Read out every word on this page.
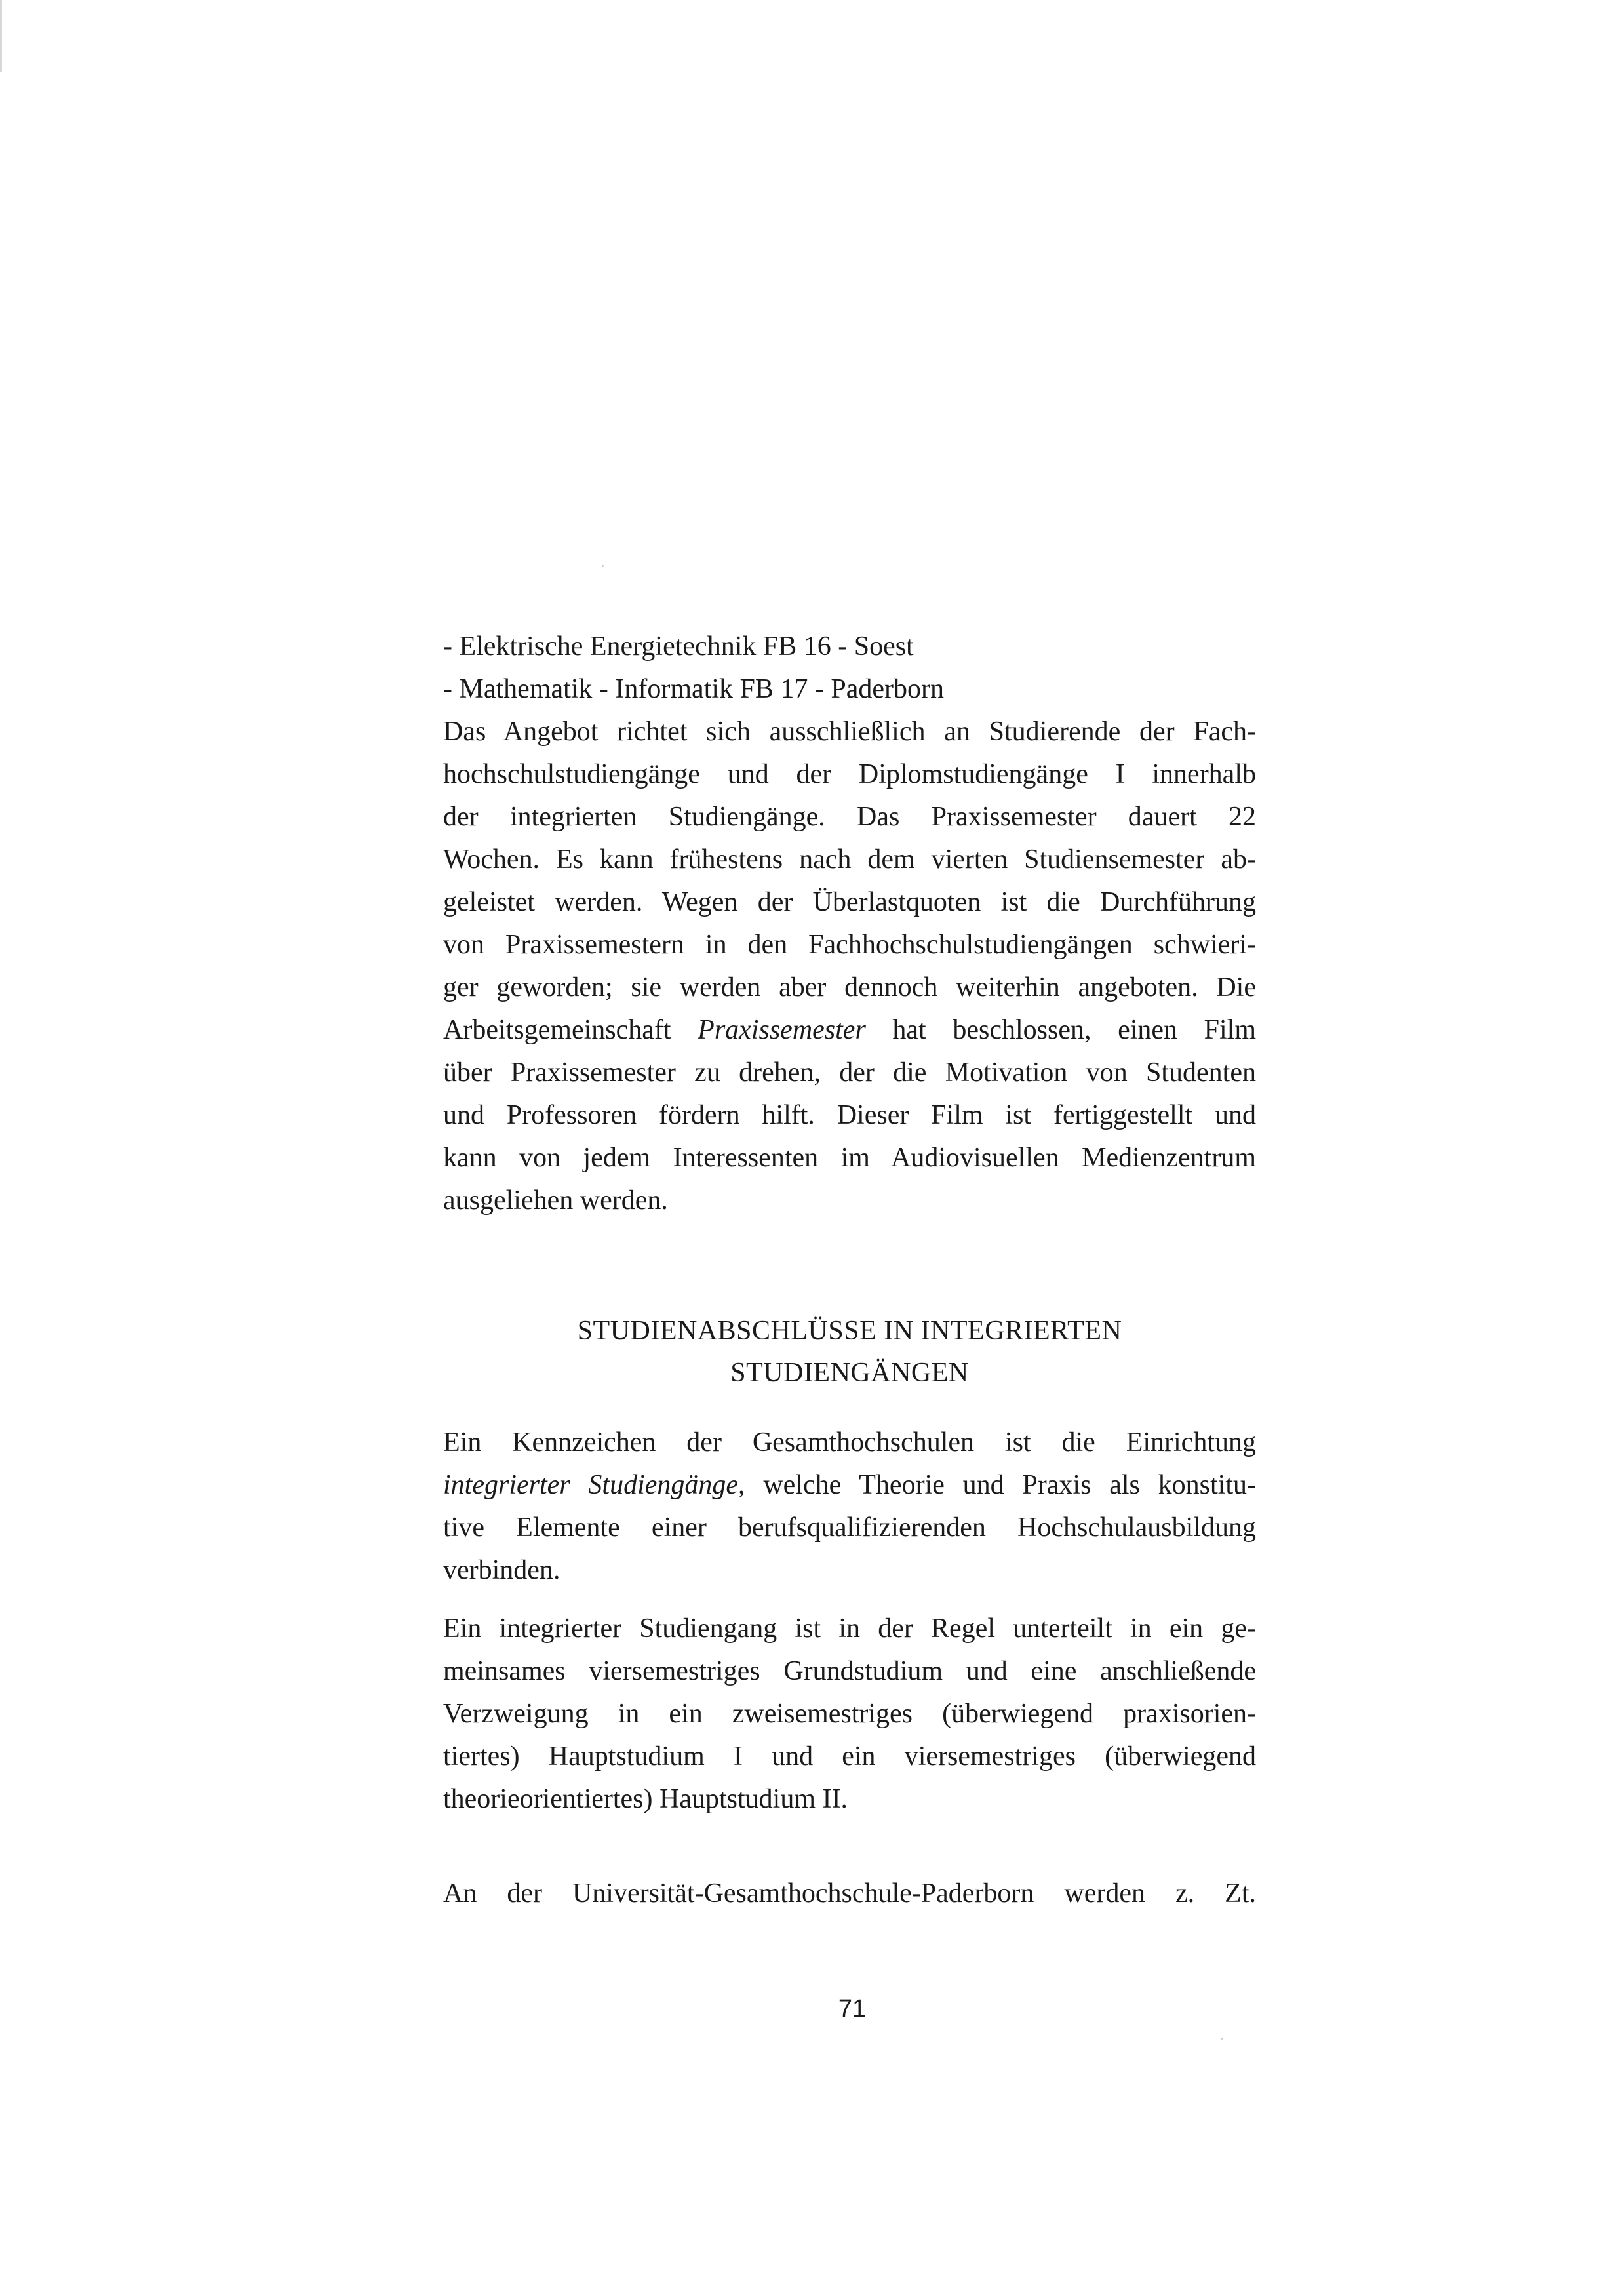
- Elektrische Energietechnik FB 16 - Soest
- Mathematik - Informatik FB 17 - Paderborn
Das Angebot richtet sich ausschließlich an Studierende der Fach-
hochschulstudiengänge und der Diplomstudiengänge I innerhalb
der integrierten Studiengänge. Das Praxissemester dauert 22
Wochen. Es kann frühestens nach dem vierten Studiensemester ab-
geleistet werden. Wegen der Überlastquoten ist die Durchführung
von Praxissemestern in den Fachhochschulstudiengängen schwieri-
ger geworden; sie werden aber dennoch weiterhin angeboten. Die
Arbeitsgemeinschaft Praxissemester hat beschlossen, einen Film
über Praxissemester zu drehen, der die Motivation von Studenten
und Professoren fördern hilft. Dieser Film ist fertiggestellt und
kann von jedem Interessenten im Audiovisuellen Medienzentrum
ausgeliehen werden.
STUDIENABSCHLÜSSE IN INTEGRIERTEN
STUDIENGÄNGEN
Ein Kennzeichen der Gesamthochschulen ist die Einrichtung
integrierter Studiengänge, welche Theorie und Praxis als konstitu-
tive Elemente einer berufsqualifizierenden Hochschulausbildung
verbinden.
Ein integrierter Studiengang ist in der Regel unterteilt in ein ge-
meinsames viersemestriges Grundstudium und eine anschließende
Verzweigung in ein zweisemestriges (überwiegend praxisorien-
tiertes) Hauptstudium I und ein viersemestriges (überwiegend
theorieorientiertes) Hauptstudium II.
An der Universität-Gesamthochschule-Paderborn werden z. Zt.
71
